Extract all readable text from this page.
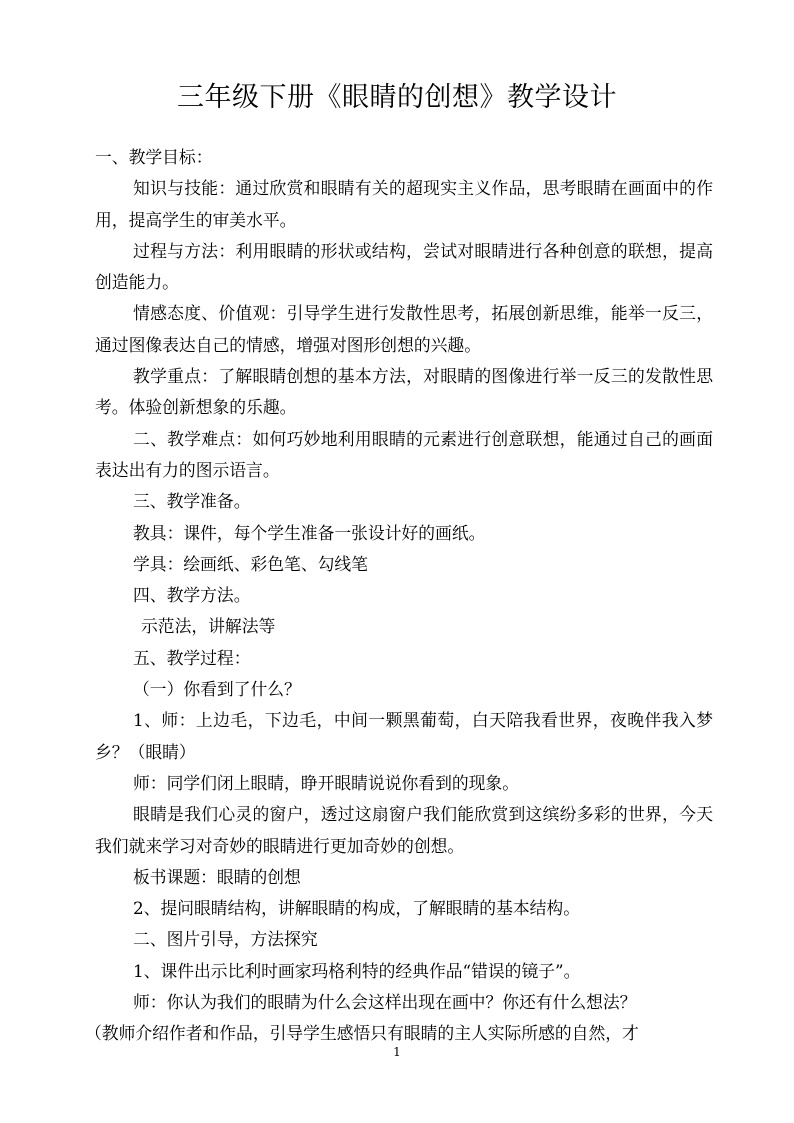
三年级下册《眼睛的创想》教学设计

一、教学目标：

知识与技能：通过欣赏和眼睛有关的超现实主义作品，思考眼睛在画面中的作用，提高学生的审美水平。

过程与方法：利用眼睛的形状或结构，尝试对眼睛进行各种创意的联想，提高创造能力。

情感态度、价值观：引导学生进行发散性思考，拓展创新思维，能举一反三，通过图像表达自己的情感，增强对图形创想的兴趣。

教学重点：了解眼睛创想的基本方法，对眼睛的图像进行举一反三的发散性思考。体验创新想象的乐趣。

二、教学难点：如何巧妙地利用眼睛的元素进行创意联想，能通过自己的画面表达出有力的图示语言。

三、教学准备。

教具：课件，每个学生准备一张设计好的画纸。

学具：绘画纸、彩色笔、勾线笔

四、教学方法。

示范法，讲解法等

五、教学过程：

（一）你看到了什么？

1、师：上边毛，下边毛，中间一颗黑葡萄，白天陪我看世界，夜晚伴我入梦乡？（眼睛）

师：同学们闭上眼睛，睁开眼睛说说你看到的现象。

眼睛是我们心灵的窗户，透过这扇窗户我们能欣赏到这缤纷多彩的世界，今天我们就来学习对奇妙的眼睛进行更加奇妙的创想。

板书课题：眼睛的创想

2、提问眼睛结构，讲解眼睛的构成，了解眼睛的基本结构。

二、图片引导，方法探究

1、课件出示比利时画家玛格利特的经典作品“错误的镜子”。

师：你认为我们的眼睛为什么会这样出现在画中？你还有什么想法？

（教师介绍作者和作品，引导学生感悟只有眼睛的主人实际所感的自然，才

1
